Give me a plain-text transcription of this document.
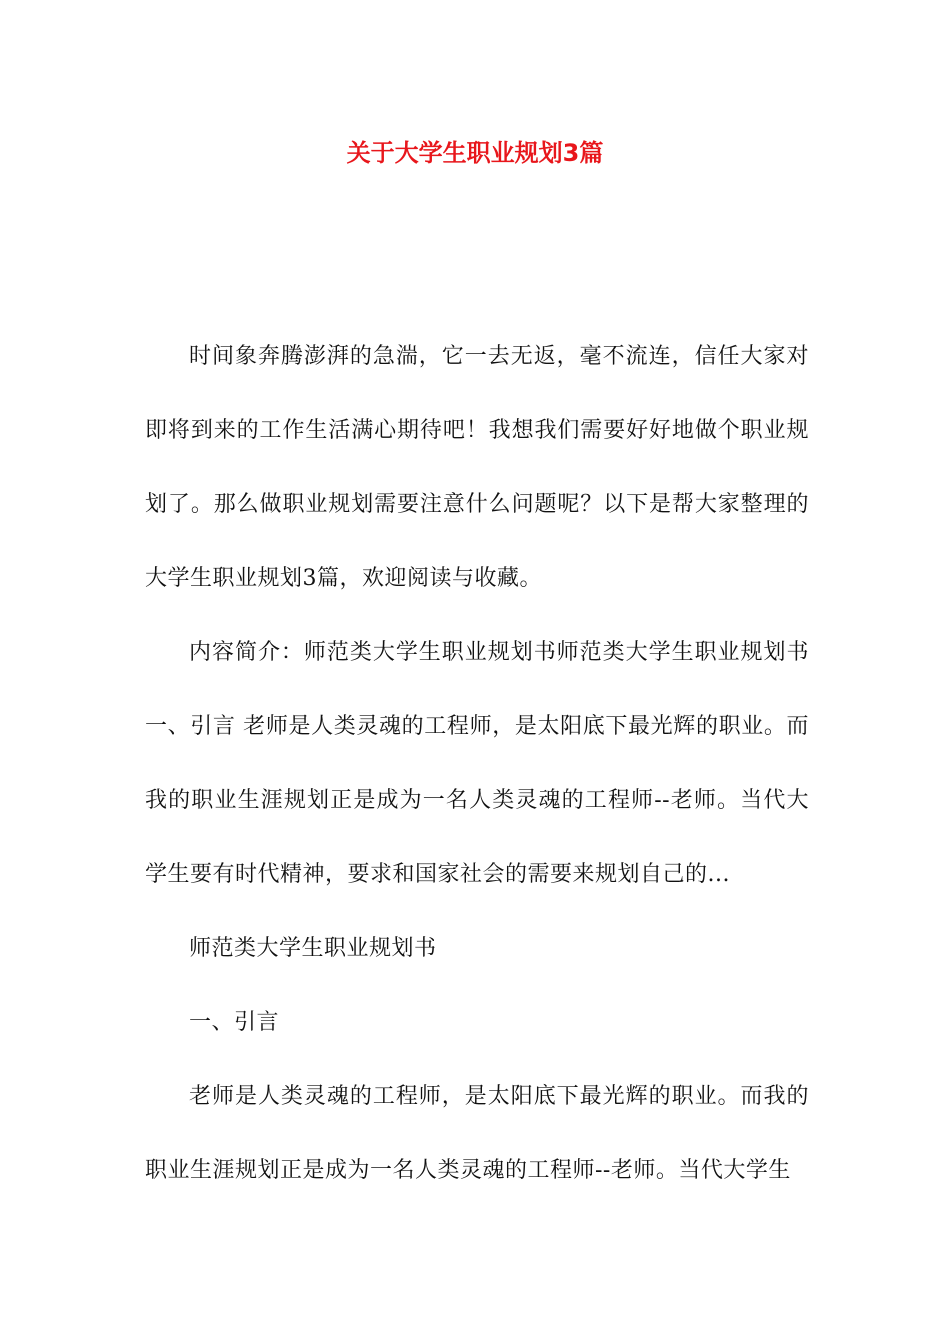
关于大学生职业规划3篇

时间象奔腾澎湃的急湍，它一去无返，毫不流连，信任大家对即将到来的工作生活满心期待吧！我想我们需要好好地做个职业规划了。那么做职业规划需要注意什么问题呢？以下是帮大家整理的大学生职业规划3篇，欢迎阅读与收藏。

内容简介：师范类大学生职业规划书师范类大学生职业规划书一、引言 老师是人类灵魂的工程师，是太阳底下最光辉的职业。而我的职业生涯规划正是成为一名人类灵魂的工程师--老师。当代大学生要有时代精神，要求和国家社会的需要来规划自己的...

师范类大学生职业规划书

一、引言

老师是人类灵魂的工程师，是太阳底下最光辉的职业。而我的职业生涯规划正是成为一名人类灵魂的工程师--老师。当代大学生
